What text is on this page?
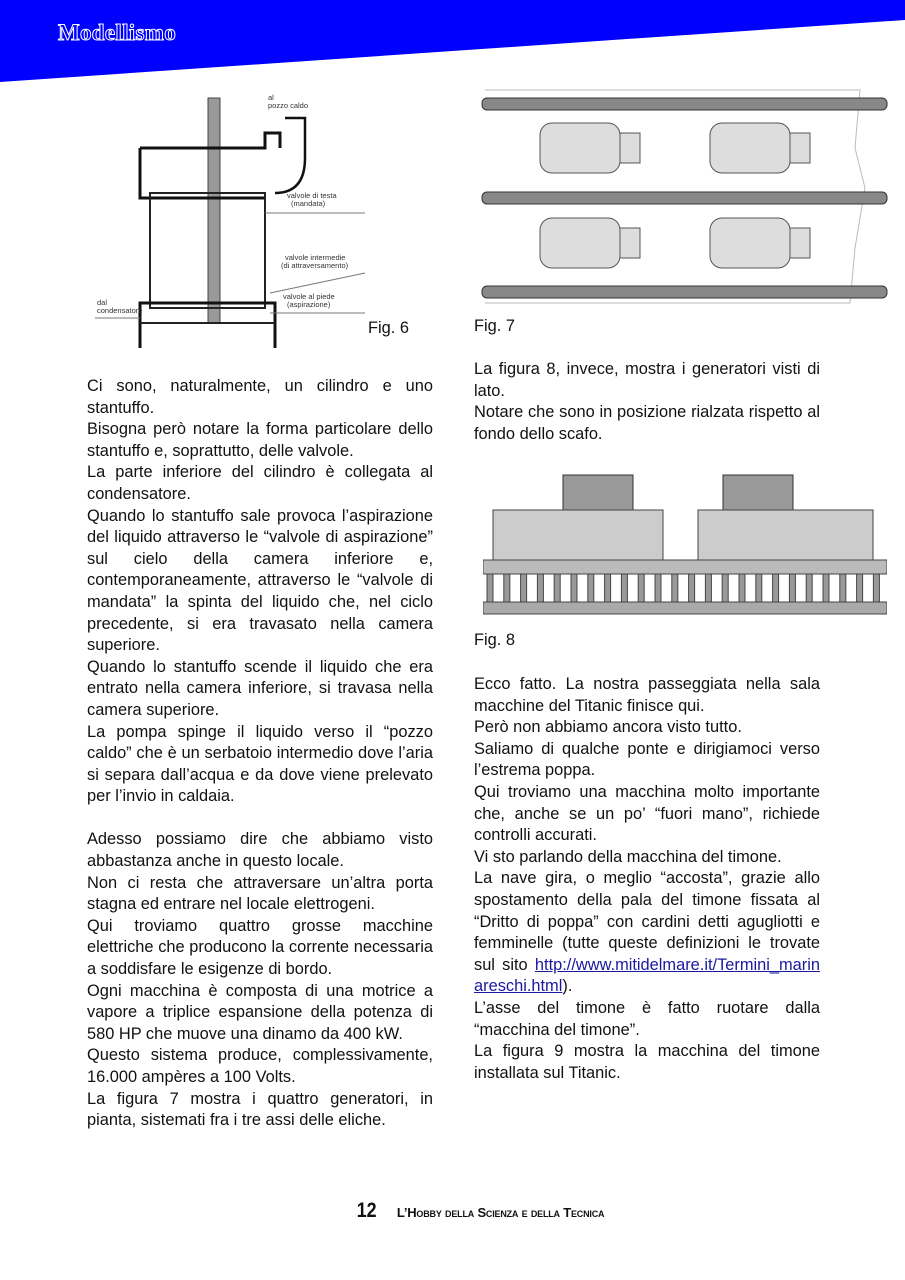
Modellismo
al
pozzo caldo
valvole di testa
(mandata)
valvole intermedie
(di attraversamento)
valvole al piede
(aspirazione)
dal
condensatore
Fig. 6	Fig. 7

La figura 8, invece, mostra i generatori visti di lato.

Notare che sono in posizione rialzata rispetto al fondo dello scafo.

Fig. 8

Ci sono, naturalmente, un cilindro e uno stantuffo.

Bisogna però notare la forma particolare dello stantuffo e, soprattutto, delle valvole.

La parte inferiore del cilindro è collegata al condensatore.

Quando lo stantuffo sale provoca l’aspirazione del liquido attraverso le “valvole di aspirazione” sul cielo della camera inferiore e, contemporaneamente, attraverso le “valvole di mandata” la spinta del liquido che, nel ciclo precedente, si era travasato nella camera superiore.

Quando lo stantuffo scende il liquido che era entrato nella camera inferiore, si travasa nella camera superiore.

La pompa spinge il liquido verso il “pozzo caldo” che è un serbatoio intermedio dove l’aria si separa dall’acqua e da dove viene prelevato per l’invio in caldaia.

Adesso possiamo dire che abbiamo visto abbastanza anche in questo locale.

Non ci resta che attraversare un’altra porta stagna ed entrare nel locale elettrogeni.

Qui troviamo quattro grosse macchine elettriche che producono la corrente necessaria a soddisfare le esigenze di bordo.

Ogni macchina è composta di una motrice a vapore a triplice espansione della potenza di 580 HP che muove una dinamo da 400 kW.

Questo sistema produce, complessivamente, 16.000 ampères a 100 Volts.

La figura 7 mostra i quattro generatori, in pianta, sistemati fra i tre assi delle eliche.

Ecco fatto. La nostra passeggiata nella sala macchine del Titanic finisce qui.

Però non abbiamo ancora visto tutto.

Saliamo di qualche ponte e dirigiamoci verso l’estrema poppa.

Qui troviamo una macchina molto importante che, anche se un po’ “fuori mano”, richiede controlli accurati.

Vi sto parlando della macchina del timone.

La nave gira, o meglio “accosta”, grazie allo spostamento della pala del timone fissata al “Dritto di poppa” con cardini detti agugliotti e femminelle (tutte queste definizioni le trovate sul sito http://www.mitidelmare.it/Termini_marinareschi.html).

L’asse del timone è fatto ruotare dalla “macchina del timone”.

La figura 9 mostra la macchina del timone installata sul Titanic.

12 L’Hobby della Scienza e della Tecnica
